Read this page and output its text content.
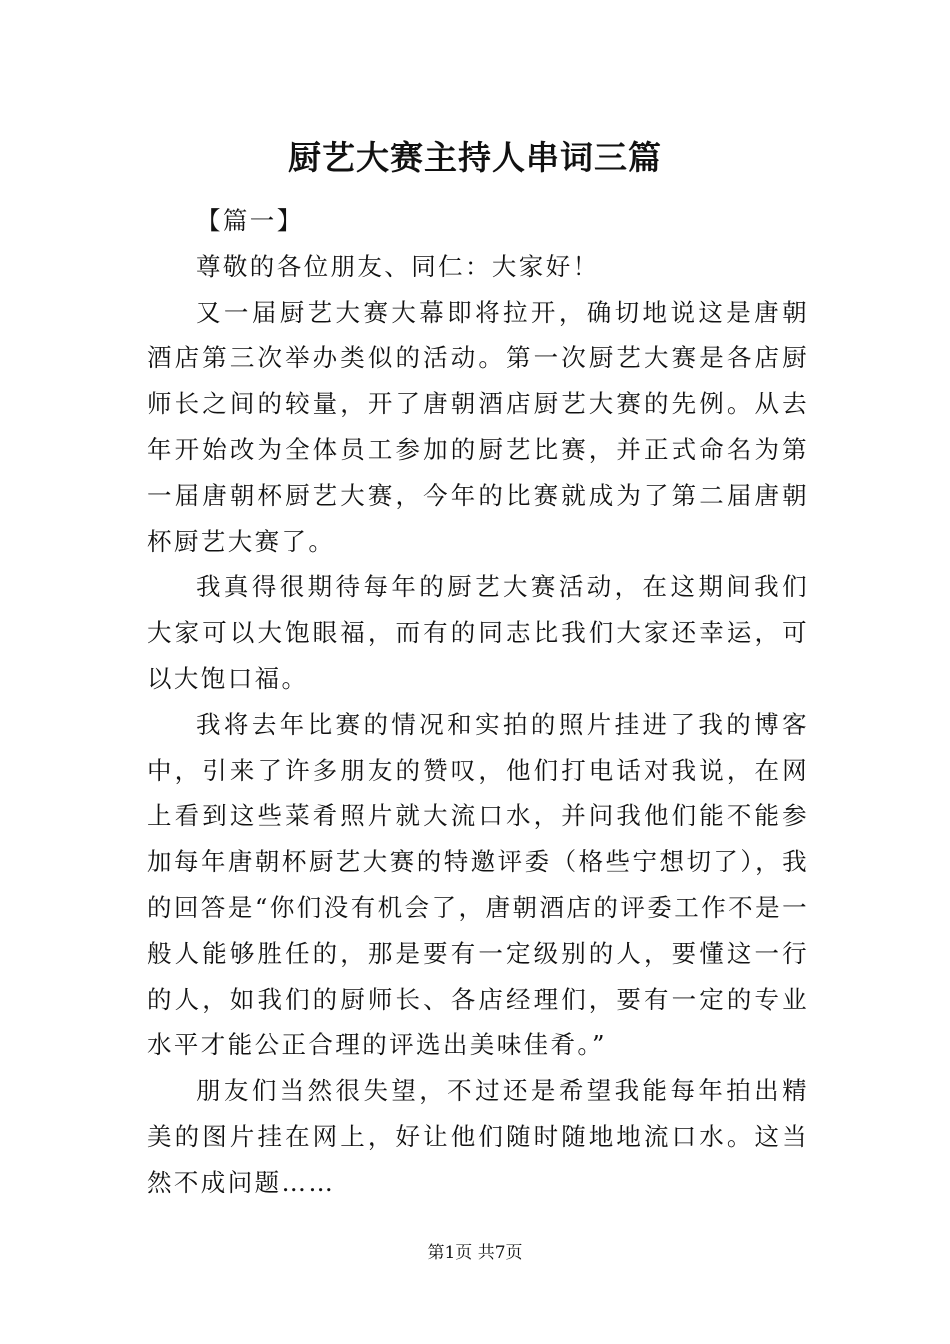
厨艺大赛主持人串词三篇

【篇一】

尊敬的各位朋友、同仁：大家好！

又一届厨艺大赛大幕即将拉开，确切地说这是唐朝酒店第三次举办类似的活动。第一次厨艺大赛是各店厨师长之间的较量，开了唐朝酒店厨艺大赛的先例。从去年开始改为全体员工参加的厨艺比赛，并正式命名为第一届唐朝杯厨艺大赛，今年的比赛就成为了第二届唐朝杯厨艺大赛了。

我真得很期待每年的厨艺大赛活动，在这期间我们大家可以大饱眼福，而有的同志比我们大家还幸运，可以大饱口福。

我将去年比赛的情况和实拍的照片挂进了我的博客中，引来了许多朋友的赞叹，他们打电话对我说，在网上看到这些菜肴照片就大流口水，并问我他们能不能参加每年唐朝杯厨艺大赛的特邀评委（格些宁想切了），我的回答是“你们没有机会了，唐朝酒店的评委工作不是一般人能够胜任的，那是要有一定级别的人，要懂这一行的人，如我们的厨师长、各店经理们，要有一定的专业水平才能公正合理的评选出美味佳肴。”

朋友们当然很失望，不过还是希望我能每年拍出精美的图片挂在网上，好让他们随时随地地流口水。这当然不成问题……

第1页 共7页
